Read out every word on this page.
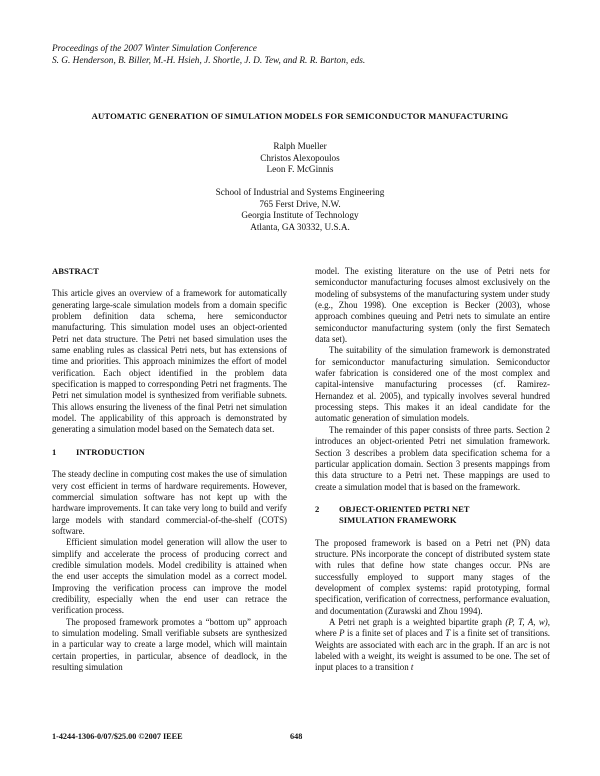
Proceedings of the 2007 Winter Simulation Conference
S. G. Henderson, B. Biller, M.-H. Hsieh, J. Shortle, J. D. Tew, and R. R. Barton, eds.
AUTOMATIC GENERATION OF SIMULATION MODELS FOR SEMICONDUCTOR MANUFACTURING
Ralph Mueller
Christos Alexopoulos
Leon F. McGinnis
School of Industrial and Systems Engineering
765 Ferst Drive, N.W.
Georgia Institute of Technology
Atlanta, GA 30332, U.S.A.
ABSTRACT

This article gives an overview of a framework for automatically generating large-scale simulation models from a domain specific problem definition data schema, here semiconductor manufacturing. This simulation model uses an object-oriented Petri net data structure. The Petri net based simulation uses the same enabling rules as classical Petri nets, but has extensions of time and priorities. This approach minimizes the effort of model verification. Each object identified in the problem data specification is mapped to corresponding Petri net fragments. The Petri net simulation model is synthesized from verifiable subnets. This allows ensuring the liveness of the final Petri net simulation model. The applicability of this approach is demonstrated by generating a simulation model based on the Sematech data set.

1	INTRODUCTION

The steady decline in computing cost makes the use of simulation very cost efficient in terms of hardware requirements. However, commercial simulation software has not kept up with the hardware improvements. It can take very long to build and verify large models with standard commercial-of-the-shelf (COTS) software.

Efficient simulation model generation will allow the user to simplify and accelerate the process of producing correct and credible simulation models. Model credibility is attained when the end user accepts the simulation model as a correct model. Improving the verification process can improve the model credibility, especially when the end user can retrace the verification process.

The proposed framework promotes a “bottom up” approach to simulation modeling. Small verifiable subsets are synthesized in a particular way to create a large model, which will maintain certain properties, in particular, absence of deadlock, in the resulting simulation

model. The existing literature on the use of Petri nets for semiconductor manufacturing focuses almost exclusively on the modeling of subsystems of the manufacturing system under study (e.g., Zhou 1998). One exception is Becker (2003), whose approach combines queuing and Petri nets to simulate an entire semiconductor manufacturing system (only the first Sematech data set).

The suitability of the simulation framework is demonstrated for semiconductor manufacturing simulation. Semiconductor wafer fabrication is considered one of the most complex and capital-intensive manufacturing processes (cf. Ramirez-Hernandez et al. 2005), and typically involves several hundred processing steps. This makes it an ideal candidate for the automatic generation of simulation models.

The remainder of this paper consists of three parts. Section 2 introduces an object-oriented Petri net simulation framework. Section 3 describes a problem data specification schema for a particular application domain. Section 3 presents mappings from this data structure to a Petri net. These mappings are used to create a simulation model that is based on the framework.

2	OBJECT-ORIENTED PETRI NET
SIMULATION FRAMEWORK

The proposed framework is based on a Petri net (PN) data structure. PNs incorporate the concept of distributed system state with rules that define how state changes occur. PNs are successfully employed to support many stages of the development of complex systems: rapid prototyping, formal specification, verification of correctness, performance evaluation, and documentation (Zurawski and Zhou 1994).

A Petri net graph is a weighted bipartite graph (P, T, A, w), where P is a finite set of places and T is a finite set of transitions. Weights are associated with each arc in the graph. If an arc is not labeled with a weight, its weight is assumed to be one. The set of input places to a transition t

1-4244-1306-0/07/$25.00 ©2007 IEEE	648
